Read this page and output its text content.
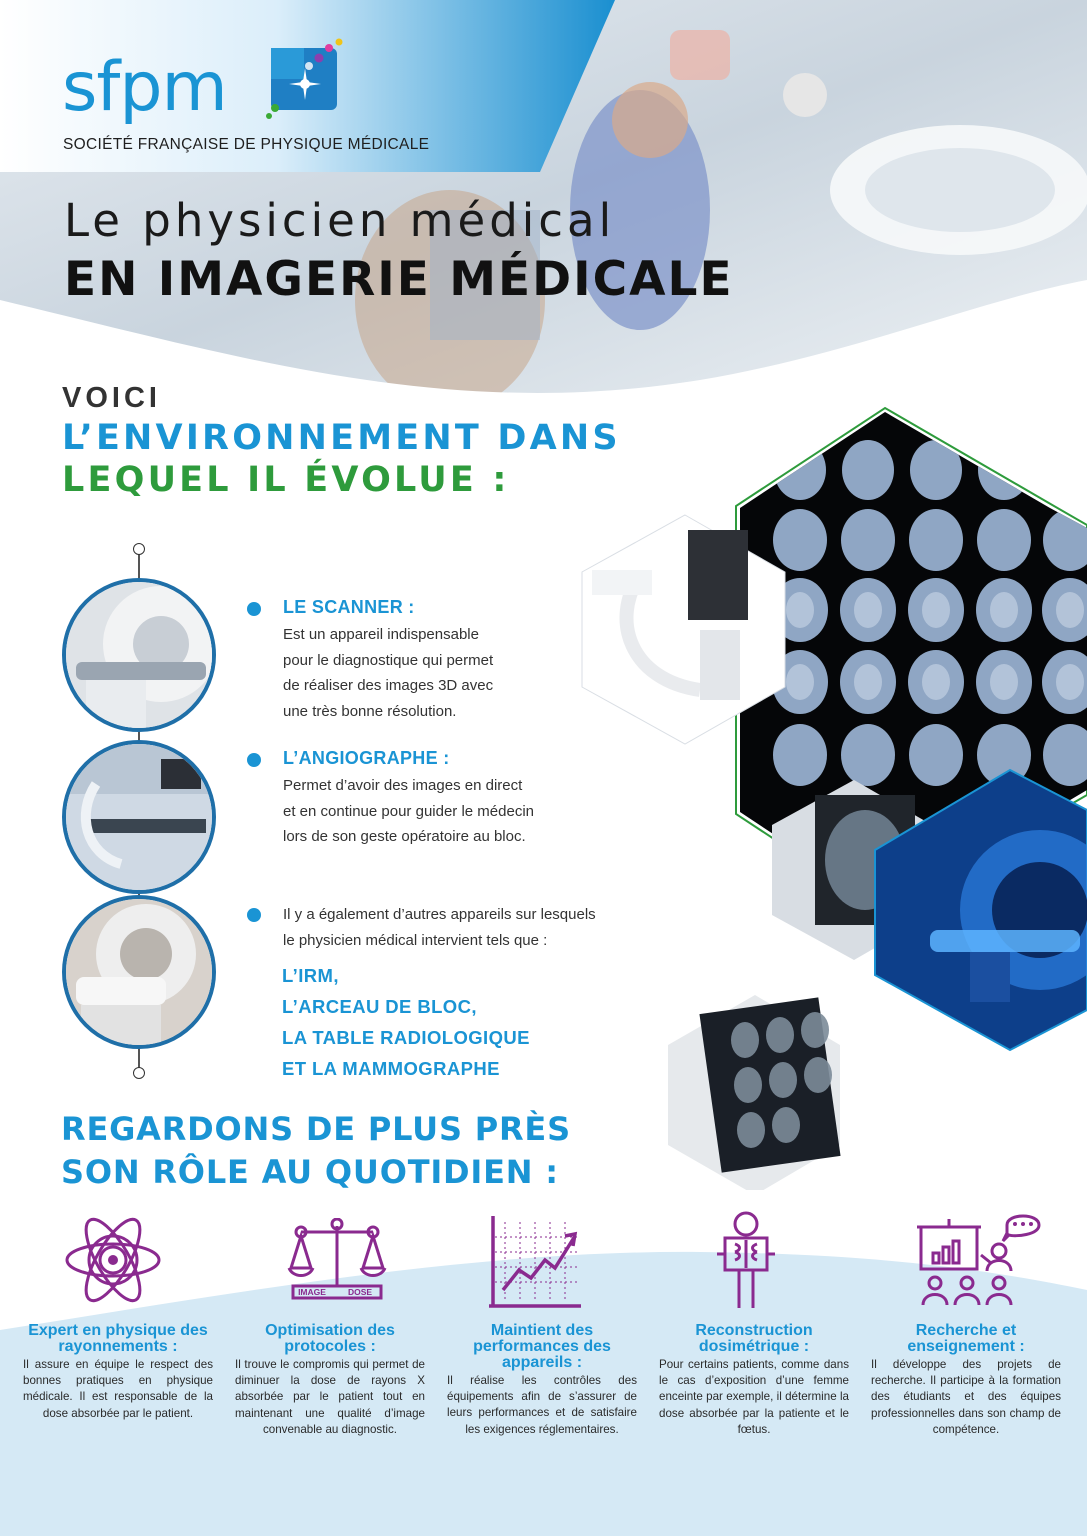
sfpm
SOCIÉTÉ FRANÇAISE DE PHYSIQUE MÉDICALE
Le physicien médical
EN IMAGERIE MÉDICALE
VOICI
L’ENVIRONNEMENT DANS
LEQUEL IL ÉVOLUE :
LE SCANNER :
Est un appareil indispensable
pour le diagnostique qui permet
de réaliser des images 3D avec
une très bonne résolution.
L’ANGIOGRAPHE :
Permet d’avoir des images en direct
et en continue pour guider le médecin
lors de son geste opératoire au bloc.
Il y a également d’autres appareils sur lesquels
le physicien médical intervient tels que :
L’IRM,
L’ARCEAU DE BLOC,
LA TABLE RADIOLOGIQUE
ET LA MAMMOGRAPHE
REGARDONS DE PLUS PRÈS
SON RÔLE AU QUOTIDIEN :
IMAGE	DOSE
Expert en physique des rayonnements :
Il assure en équipe le respect des bonnes pratiques en physique médicale. Il est responsable de la dose absorbée par le patient.
Optimisation des protocoles :
Il trouve le compromis qui permet de diminuer la dose de rayons X absorbée par le patient tout en maintenant une qualité d’image convenable au diagnostic.
Maintient des performances des appareils :
Il réalise les contrôles des équipements afin de s’assurer de leurs performances et de satisfaire les exigences réglementaires.
Reconstruction dosimétrique :
Pour certains patients, comme dans le cas d’exposition d’une femme enceinte par exemple, il détermine la dose absorbée par la patiente et le fœtus.
Recherche et enseignement :
Il développe des projets de recherche. Il participe à la formation des étudiants et des équipes professionnelles dans son champ de compétence.
